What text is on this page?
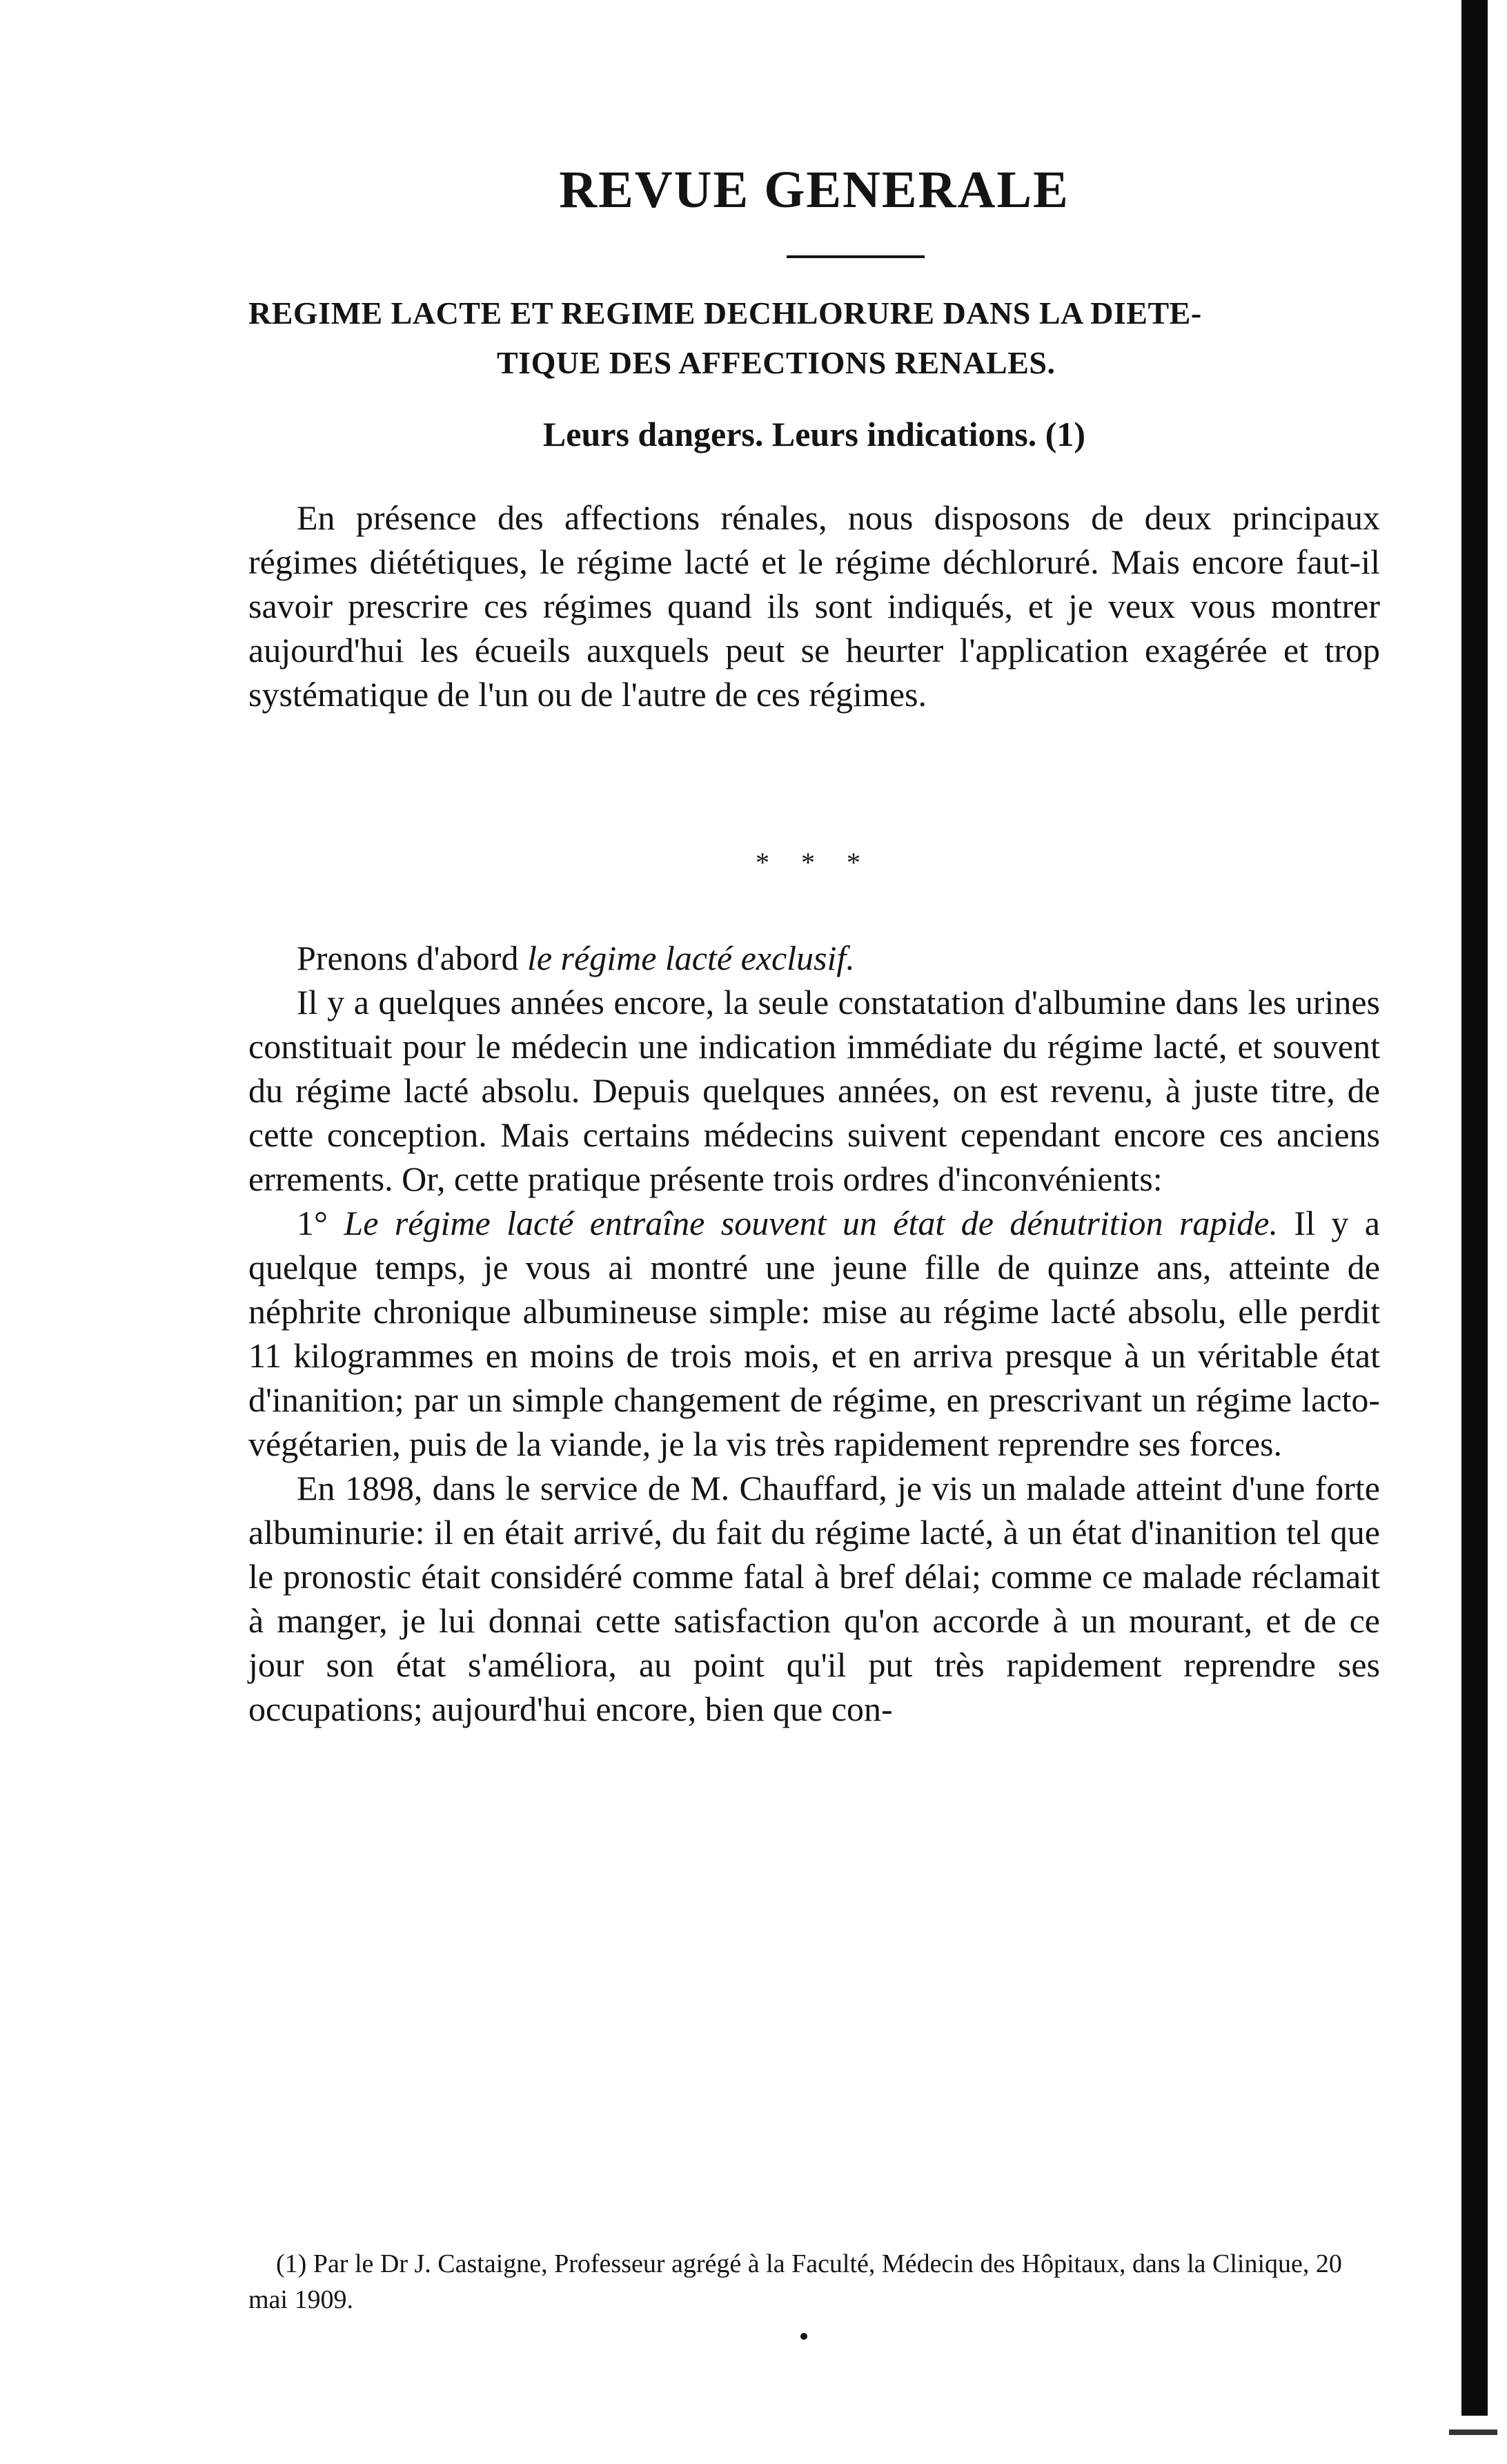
REVUE GENERALE
REGIME LACTE ET REGIME DECHLORURE DANS LA DIETE-
TIQUE DES AFFECTIONS RENALES.
Leurs dangers. Leurs indications. (1)

En présence des affections rénales, nous disposons de deux principaux régimes diététiques, le régime lacté et le régime déchloruré. Mais encore faut-il savoir prescrire ces régimes quand ils sont indiqués, et je veux vous montrer aujourd'hui les écueils auxquels peut se heurter l'application exagérée et trop systématique de l'un ou de l'autre de ces régimes.

* * *

Prenons d'abord le régime lacté exclusif.

Il y a quelques années encore, la seule constatation d'albumine dans les urines constituait pour le médecin une indication immédiate du régime lacté, et souvent du régime lacté absolu. Depuis quelques années, on est revenu, à juste titre, de cette conception. Mais certains médecins suivent cependant encore ces anciens errements. Or, cette pratique présente trois ordres d'inconvénients:

1° Le régime lacté entraîne souvent un état de dénutrition rapide. Il y a quelque temps, je vous ai montré une jeune fille de quinze ans, atteinte de néphrite chronique albumineuse simple: mise au régime lacté absolu, elle perdit 11 kilogrammes en moins de trois mois, et en arriva presque à un véritable état d'inanition; par un simple changement de régime, en prescrivant un régime lacto-végétarien, puis de la viande, je la vis très rapidement reprendre ses forces.

En 1898, dans le service de M. Chauffard, je vis un malade atteint d'une forte albuminurie: il en était arrivé, du fait du régime lacté, à un état d'inanition tel que le pronostic était considéré comme fatal à bref délai; comme ce malade réclamait à manger, je lui donnai cette satisfaction qu'on accorde à un mourant, et de ce jour son état s'améliora, au point qu'il put très rapidement reprendre ses occupations; aujourd'hui encore, bien que con-

(1) Par le Dr J. Castaigne, Professeur agrégé à la Faculté, Médecin des Hôpitaux, dans la Clinique, 20 mai 1909.
